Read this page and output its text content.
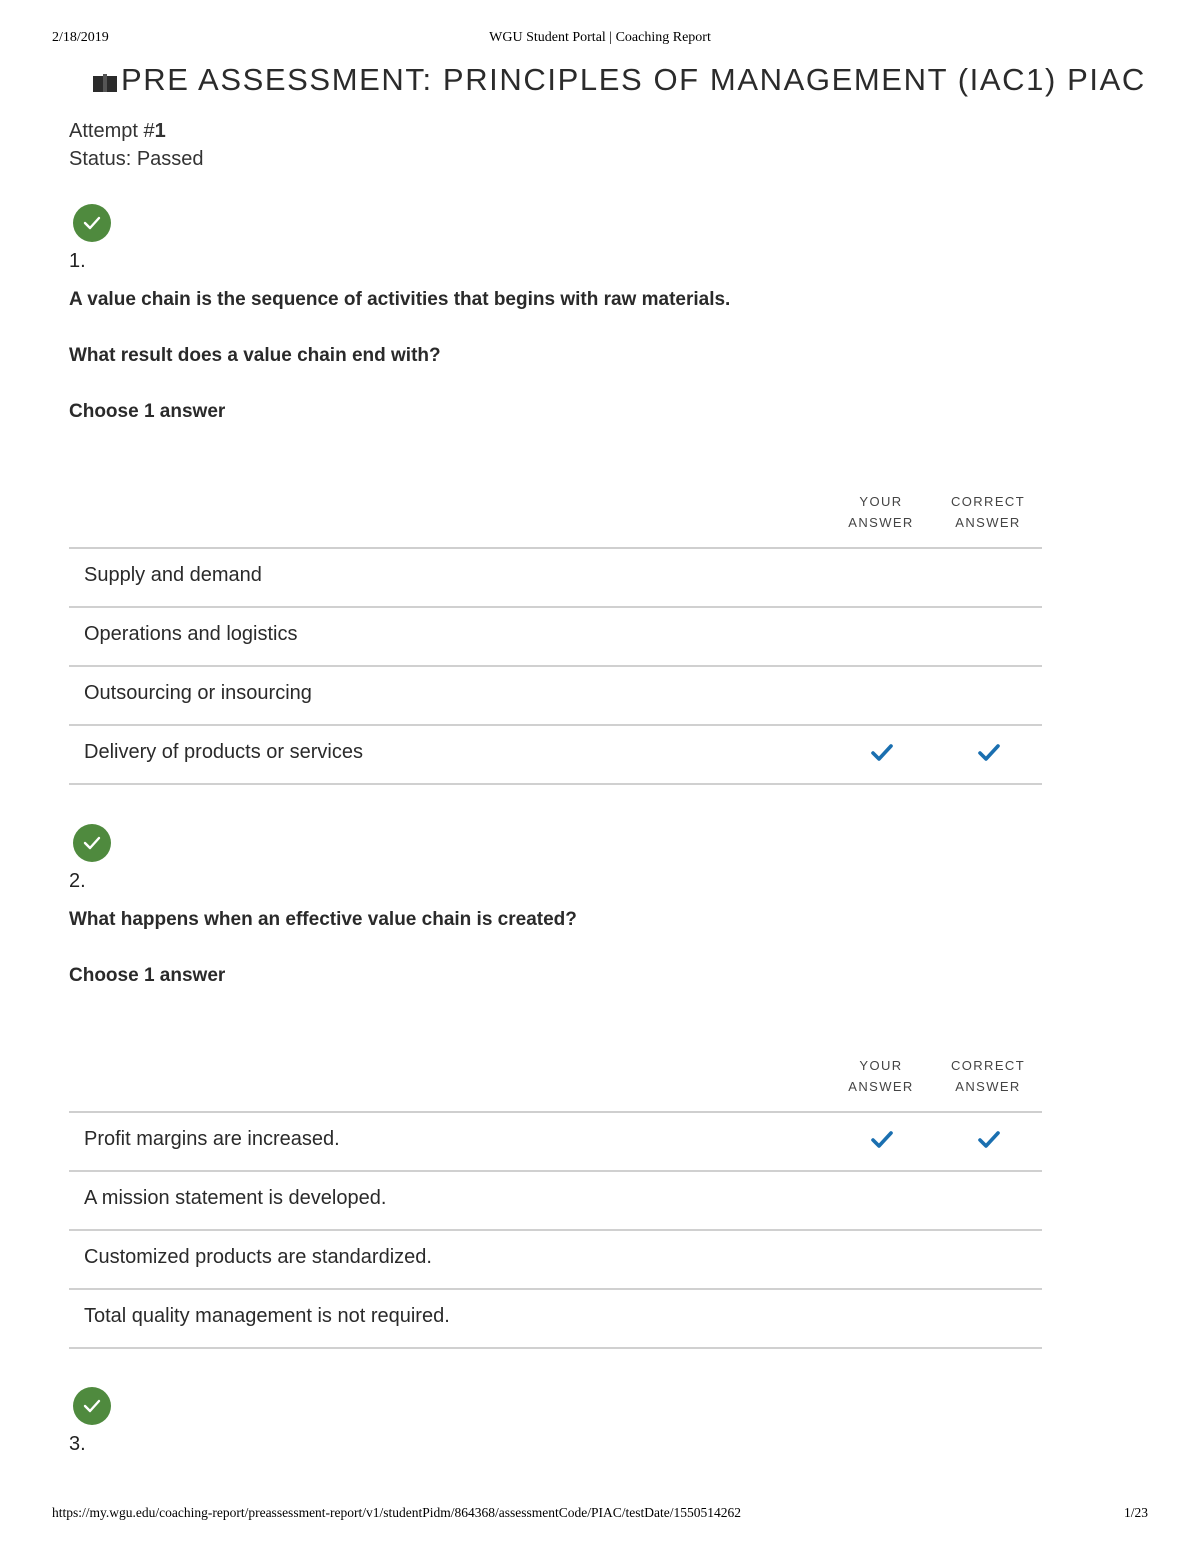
2/18/2019	WGU Student Portal | Coaching Report
PRE ASSESSMENT: PRINCIPLES OF MANAGEMENT (IAC1) PIAC
Attempt #1
Status: Passed
1.
A value chain is the sequence of activities that begins with raw materials.
What result does a value chain end with?
Choose 1 answer
YOUR
ANSWER
CORRECT
ANSWER
Supply and demand
Operations and logistics
Outsourcing or insourcing
Delivery of products or services
2.
What happens when an effective value chain is created?
Choose 1 answer
YOUR
ANSWER
CORRECT
ANSWER
Profit margins are increased.
A mission statement is developed.
Customized products are standardized.
Total quality management is not required.
3.
https://my.wgu.edu/coaching-report/preassessment-report/v1/studentPidm/864368/assessmentCode/PIAC/testDate/1550514262	1/23
